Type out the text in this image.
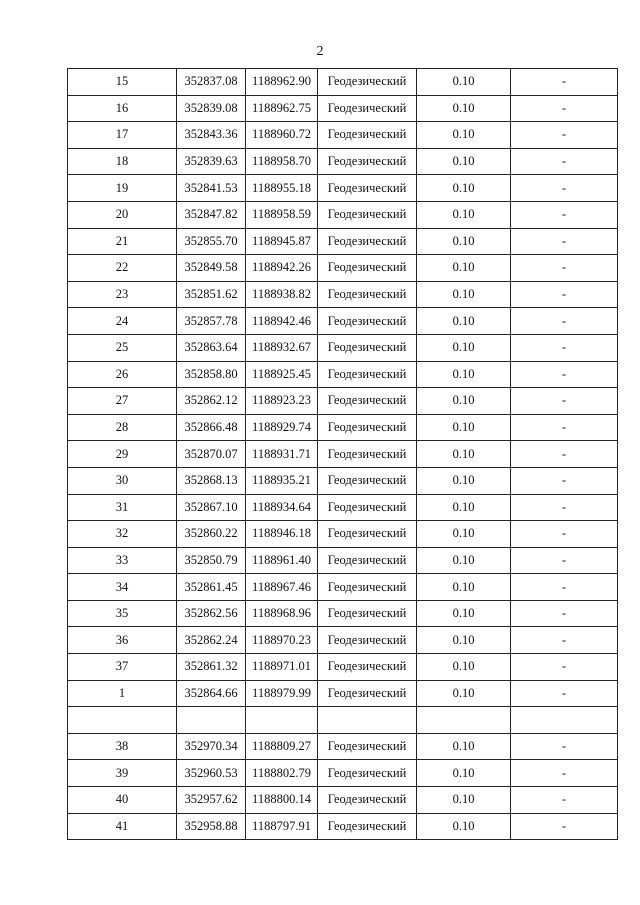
2
15	352837.08	1188962.90	Геодезический	0.10	-
16	352839.08	1188962.75	Геодезический	0.10	-
17	352843.36	1188960.72	Геодезический	0.10	-
18	352839.63	1188958.70	Геодезический	0.10	-
19	352841.53	1188955.18	Геодезический	0.10	-
20	352847.82	1188958.59	Геодезический	0.10	-
21	352855.70	1188945.87	Геодезический	0.10	-
22	352849.58	1188942.26	Геодезический	0.10	-
23	352851.62	1188938.82	Геодезический	0.10	-
24	352857.78	1188942.46	Геодезический	0.10	-
25	352863.64	1188932.67	Геодезический	0.10	-
26	352858.80	1188925.45	Геодезический	0.10	-
27	352862.12	1188923.23	Геодезический	0.10	-
28	352866.48	1188929.74	Геодезический	0.10	-
29	352870.07	1188931.71	Геодезический	0.10	-
30	352868.13	1188935.21	Геодезический	0.10	-
31	352867.10	1188934.64	Геодезический	0.10	-
32	352860.22	1188946.18	Геодезический	0.10	-
33	352850.79	1188961.40	Геодезический	0.10	-
34	352861.45	1188967.46	Геодезический	0.10	-
35	352862.56	1188968.96	Геодезический	0.10	-
36	352862.24	1188970.23	Геодезический	0.10	-
37	352861.32	1188971.01	Геодезический	0.10	-
1	352864.66	1188979.99	Геодезический	0.10	-

38	352970.34	1188809.27	Геодезический	0.10	-
39	352960.53	1188802.79	Геодезический	0.10	-
40	352957.62	1188800.14	Геодезический	0.10	-
41	352958.88	1188797.91	Геодезический	0.10	-
